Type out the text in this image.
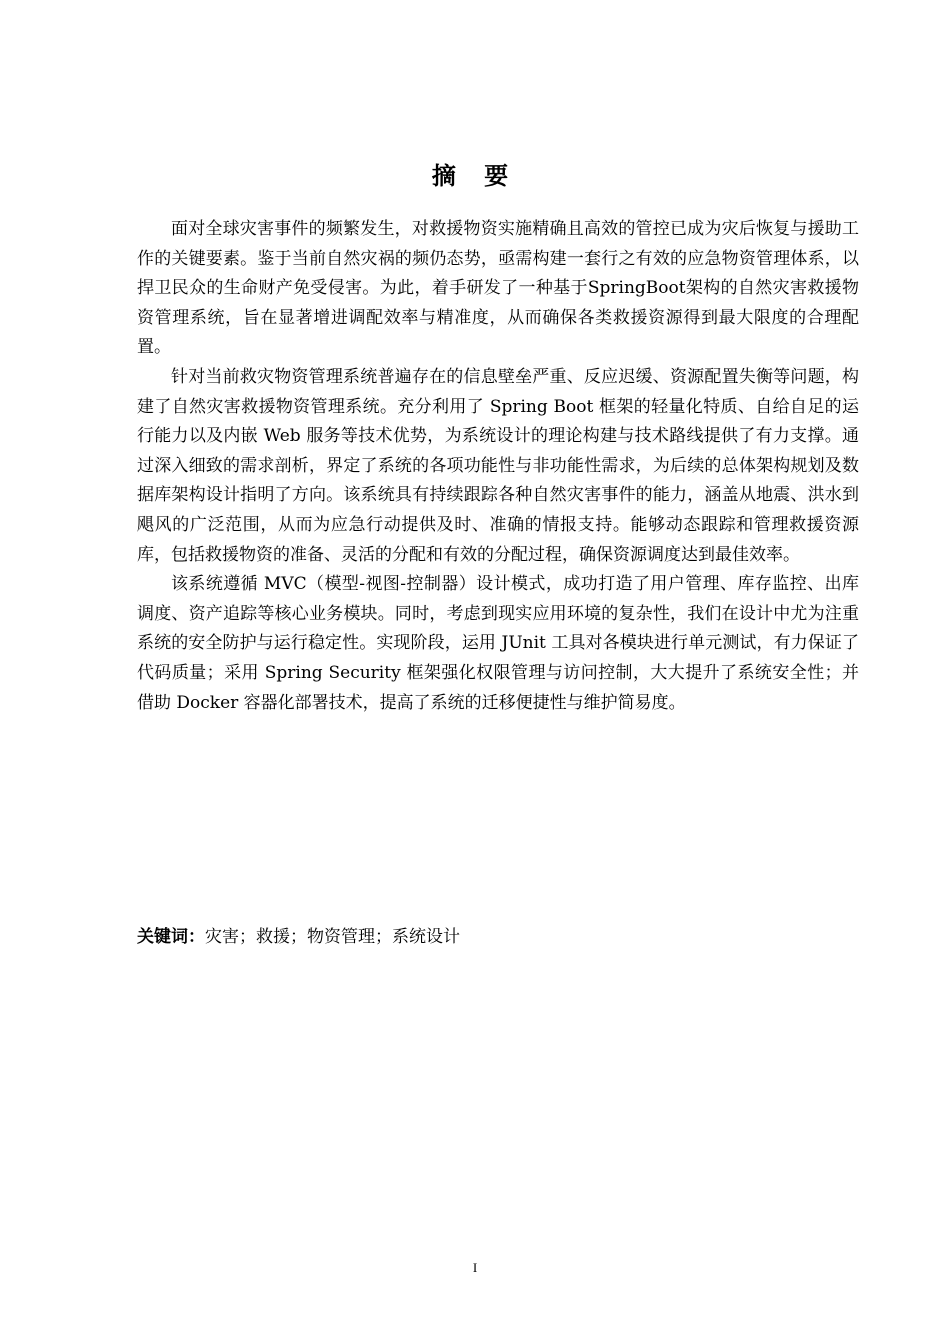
摘 要

面对全球灾害事件的频繁发生，对救援物资实施精确且高效的管控已成为灾后恢复与援助工作的关键要素。鉴于当前自然灾祸的频仍态势，亟需构建一套行之有效的应急物资管理体系，以捍卫民众的生命财产免受侵害。为此，着手研发了一种基于SpringBoot架构的自然灾害救援物资管理系统，旨在显著增进调配效率与精准度，从而确保各类救援资源得到最大限度的合理配置。

针对当前救灾物资管理系统普遍存在的信息壁垒严重、反应迟缓、资源配置失衡等问题，构建了自然灾害救援物资管理系统。充分利用了 Spring Boot 框架的轻量化特质、自给自足的运行能力以及内嵌 Web 服务等技术优势，为系统设计的理论构建与技术路线提供了有力支撑。通过深入细致的需求剖析，界定了系统的各项功能性与非功能性需求，为后续的总体架构规划及数据库架构设计指明了方向。该系统具有持续跟踪各种自然灾害事件的能力，涵盖从地震、洪水到飓风的广泛范围，从而为应急行动提供及时、准确的情报支持。能够动态跟踪和管理救援资源库，包括救援物资的准备、灵活的分配和有效的分配过程，确保资源调度达到最佳效率。

该系统遵循 MVC（模型-视图-控制器）设计模式，成功打造了用户管理、库存监控、出库调度、资产追踪等核心业务模块。同时，考虑到现实应用环境的复杂性，我们在设计中尤为注重系统的安全防护与运行稳定性。实现阶段，运用 JUnit 工具对各模块进行单元测试，有力保证了代码质量；采用 Spring Security 框架强化权限管理与访问控制，大大提升了系统安全性；并借助 Docker 容器化部署技术，提高了系统的迁移便捷性与维护简易度。

关键词：灾害；救援；物资管理；系统设计
I
